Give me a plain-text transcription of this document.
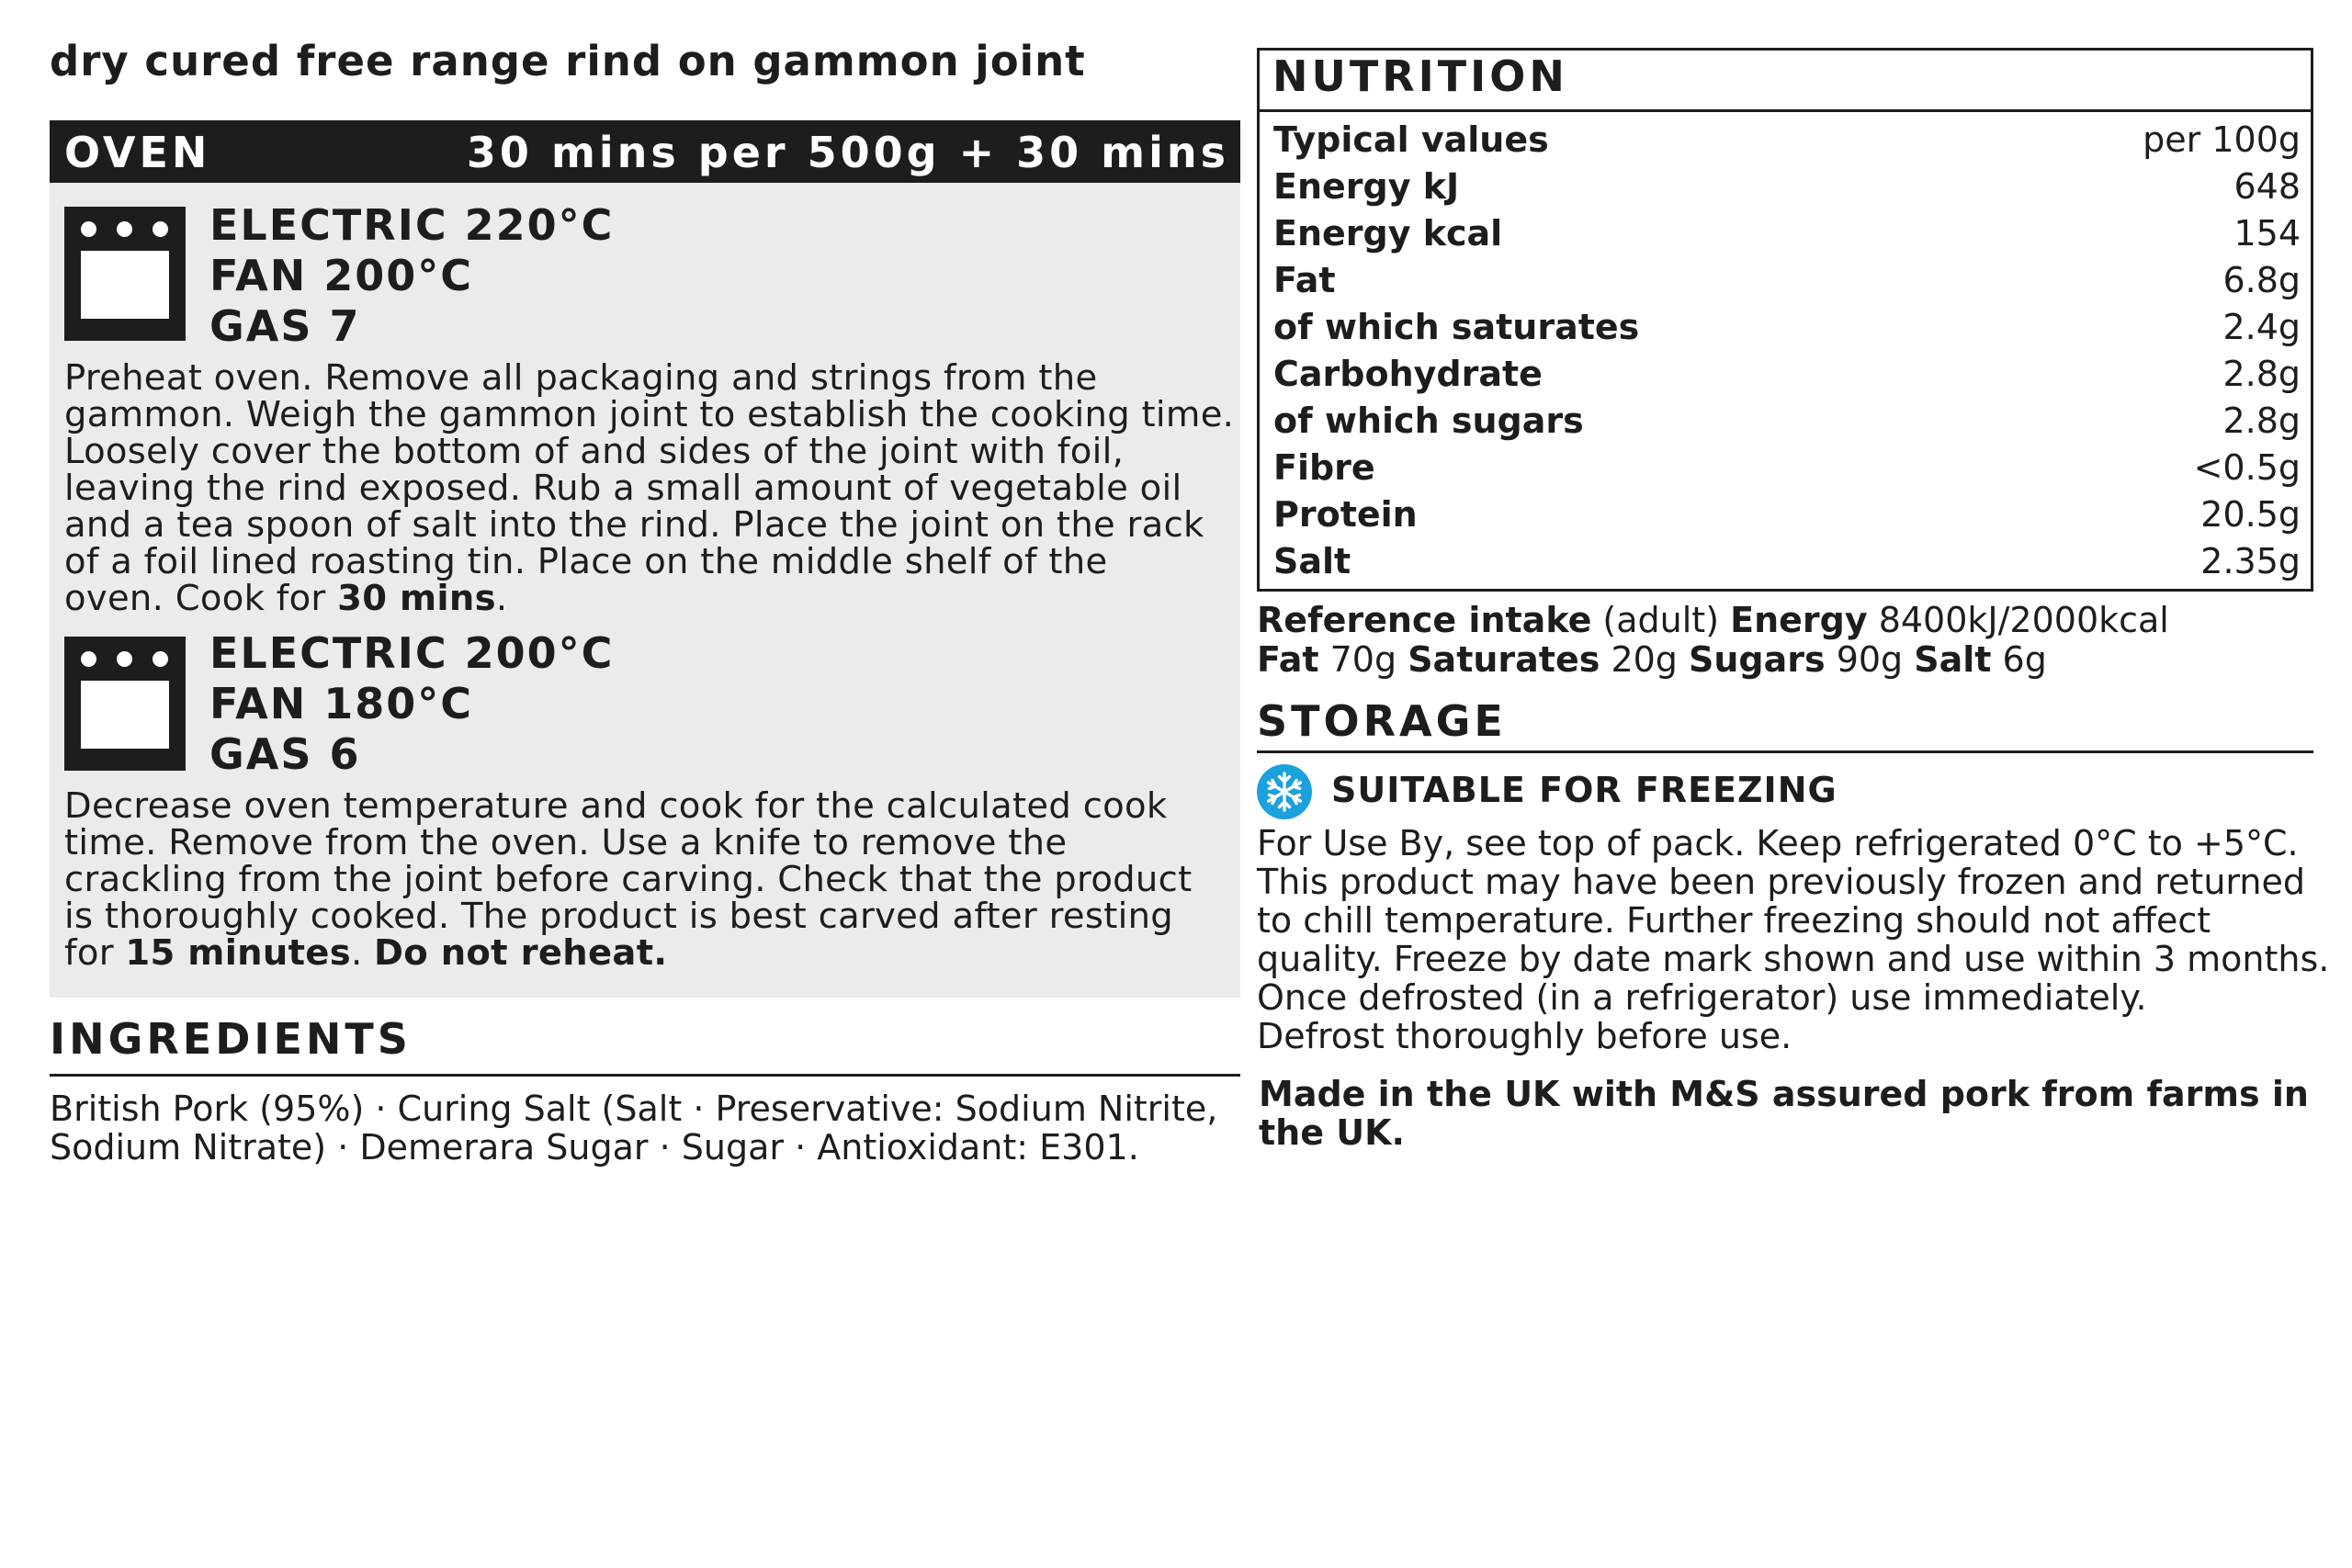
dry cured free range rind on gammon joint
OVEN	30 mins per 500g + 30 mins
ELECTRIC 220°C
FAN 200°C
GAS 7
Preheat oven. Remove all packaging and strings from the
gammon. Weigh the gammon joint to establish the cooking time.
Loosely cover the bottom of and sides of the joint with foil,
leaving the rind exposed. Rub a small amount of vegetable oil
and a tea spoon of salt into the rind. Place the joint on the rack
of a foil lined roasting tin. Place on the middle shelf of the
oven. Cook for 30 mins.
ELECTRIC 200°C
FAN 180°C
GAS 6
Decrease oven temperature and cook for the calculated cook
time. Remove from the oven. Use a knife to remove the
crackling from the joint before carving. Check that the product
is thoroughly cooked. The product is best carved after resting
for 15 minutes. Do not reheat.
INGREDIENTS
British Pork (95%) · Curing Salt (Salt · Preservative: Sodium Nitrite,
Sodium Nitrate) · Demerara Sugar · Sugar · Antioxidant: E301.
NUTRITION
Typical values	per 100g
Energy kJ	648
Energy kcal	154
Fat	6.8g
of which saturates	2.4g
Carbohydrate	2.8g
of which sugars	2.8g
Fibre	<0.5g
Protein	20.5g
Salt	2.35g
Reference intake (adult) Energy 8400kJ/2000kcal
Fat 70g Saturates 20g Sugars 90g Salt 6g
STORAGE
SUITABLE FOR FREEZING
For Use By, see top of pack. Keep refrigerated 0°C to +5°C.
This product may have been previously frozen and returned
to chill temperature. Further freezing should not affect
quality. Freeze by date mark shown and use within 3 months.
Once defrosted (in a refrigerator) use immediately.
Defrost thoroughly before use.
Made in the UK with M&S assured pork from farms in
the UK.
